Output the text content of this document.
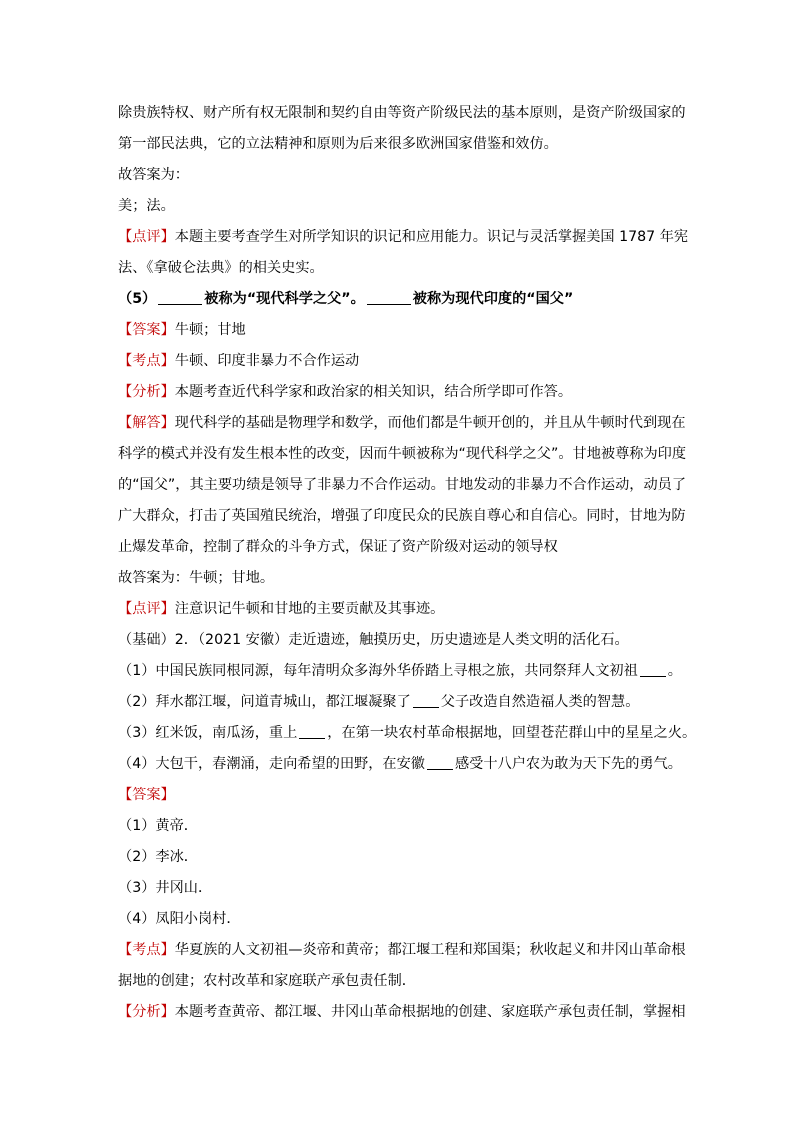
除贵族特权、财产所有权无限制和契约自由等资产阶级民法的基本原则，是资产阶级国家的
第一部民法典，它的立法精神和原则为后来很多欧洲国家借鉴和效仿。
故答案为：
美；法。
【点评】本题主要考查学生对所学知识的识记和应用能力。识记与灵活掌握美国 1787 年宪
法、《拿破仑法典》的相关史实。
（5）	被称为“现代科学之父”。	被称为现代印度的“国父”
【答案】牛顿；甘地
【考点】牛顿、印度非暴力不合作运动
【分析】本题考查近代科学家和政治家的相关知识，结合所学即可作答。
【解答】现代科学的基础是物理学和数学，而他们都是牛顿开创的，并且从牛顿时代到现在
科学的模式并没有发生根本性的改变，因而牛顿被称为“现代科学之父”。甘地被尊称为印度
的“国父”，其主要功绩是领导了非暴力不合作运动。甘地发动的非暴力不合作运动，动员了
广大群众，打击了英国殖民统治，增强了印度民众的民族自尊心和自信心。同时，甘地为防
止爆发革命，控制了群众的斗争方式，保证了资产阶级对运动的领导权
故答案为：牛顿；甘地。
【点评】注意识记牛顿和甘地的主要贡献及其事迹。
（基础）2．（2021 安徽）走近遗迹，触摸历史，历史遗迹是人类文明的活化石。
（1）中国民族同根同源，每年清明众多海外华侨踏上寻根之旅，共同祭拜人文初祖 。
（2）拜水都江堰，问道青城山，都江堰凝聚了 父子改造自然造福人类的智慧。
（3）红米饭，南瓜汤，重上 ，在第一块农村革命根据地，回望苍茫群山中的星星之火。
（4）大包干，春潮涌，走向希望的田野，在安徽 感受十八户农为敢为天下先的勇气。
【答案】
（1）黄帝．
（2）李冰．
（3）井冈山．
（4）凤阳小岗村．
【考点】华夏族的人文初祖—炎帝和黄帝；都江堰工程和郑国渠；秋收起义和井冈山革命根
据地的创建；农村改革和家庭联产承包责任制．
【分析】本题考查黄帝、都江堰、井冈山革命根据地的创建、家庭联产承包责任制，掌握相
